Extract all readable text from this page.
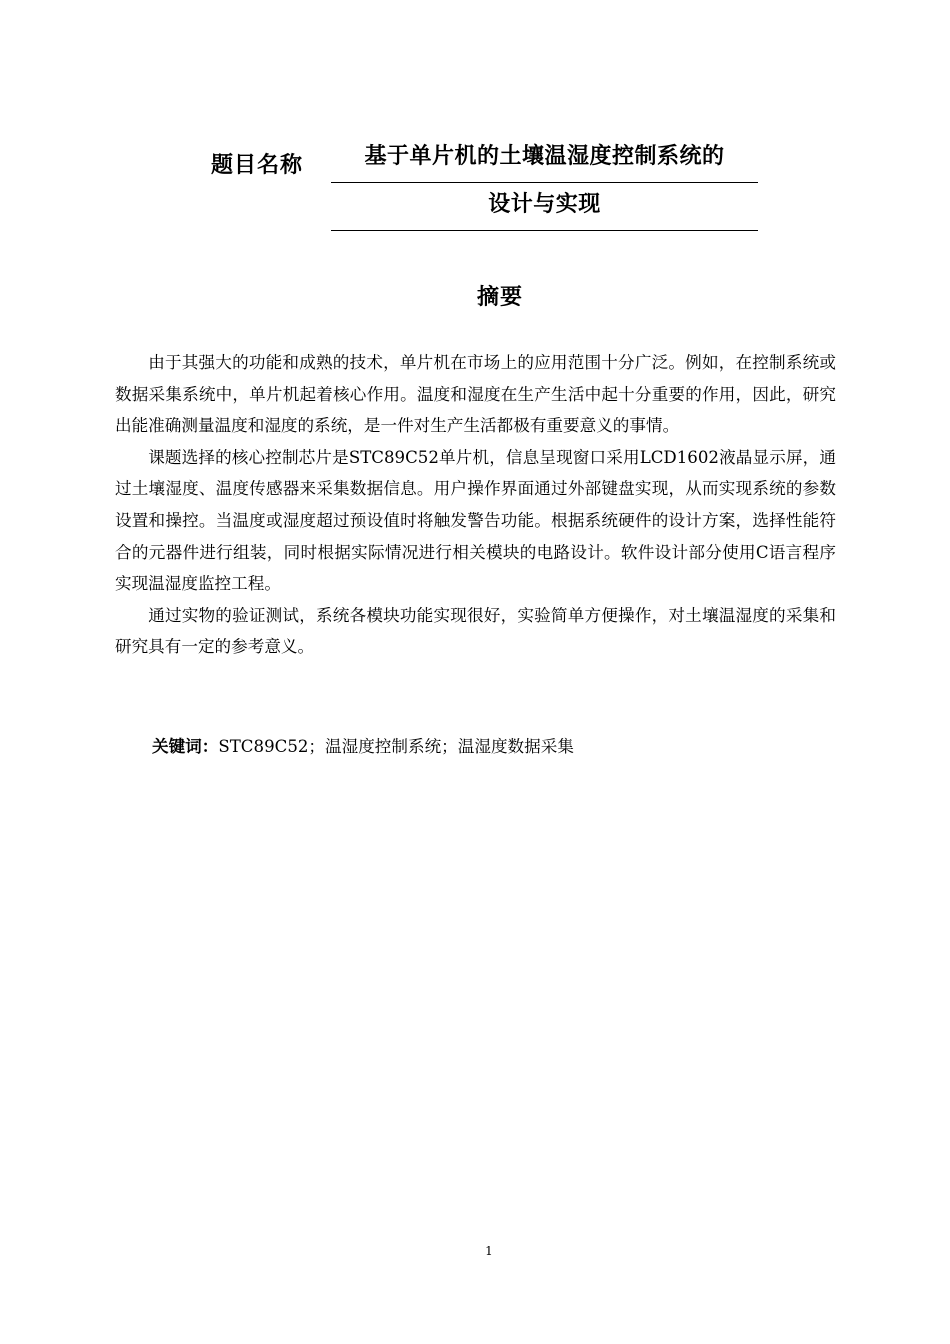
题目名称	基于单片机的土壤温湿度控制系统的
设计与实现
摘要

由于其强大的功能和成熟的技术，单片机在市场上的应用范围十分广泛。例如，在控制系统或数据采集系统中，单片机起着核心作用。温度和湿度在生产生活中起十分重要的作用，因此，研究出能准确测量温度和湿度的系统，是一件对生产生活都极有重要意义的事情。

课题选择的核心控制芯片是STC89C52单片机，信息呈现窗口采用LCD1602液晶显示屏，通过土壤湿度、温度传感器来采集数据信息。用户操作界面通过外部键盘实现，从而实现系统的参数设置和操控。当温度或湿度超过预设值时将触发警告功能。根据系统硬件的设计方案，选择性能符合的元器件进行组装，同时根据实际情况进行相关模块的电路设计。软件设计部分使用C语言程序实现温湿度监控工程。

通过实物的验证测试，系统各模块功能实现很好，实验简单方便操作，对土壤温湿度的采集和研究具有一定的参考意义。

关键词：STC89C52；温湿度控制系统；温湿度数据采集
1
